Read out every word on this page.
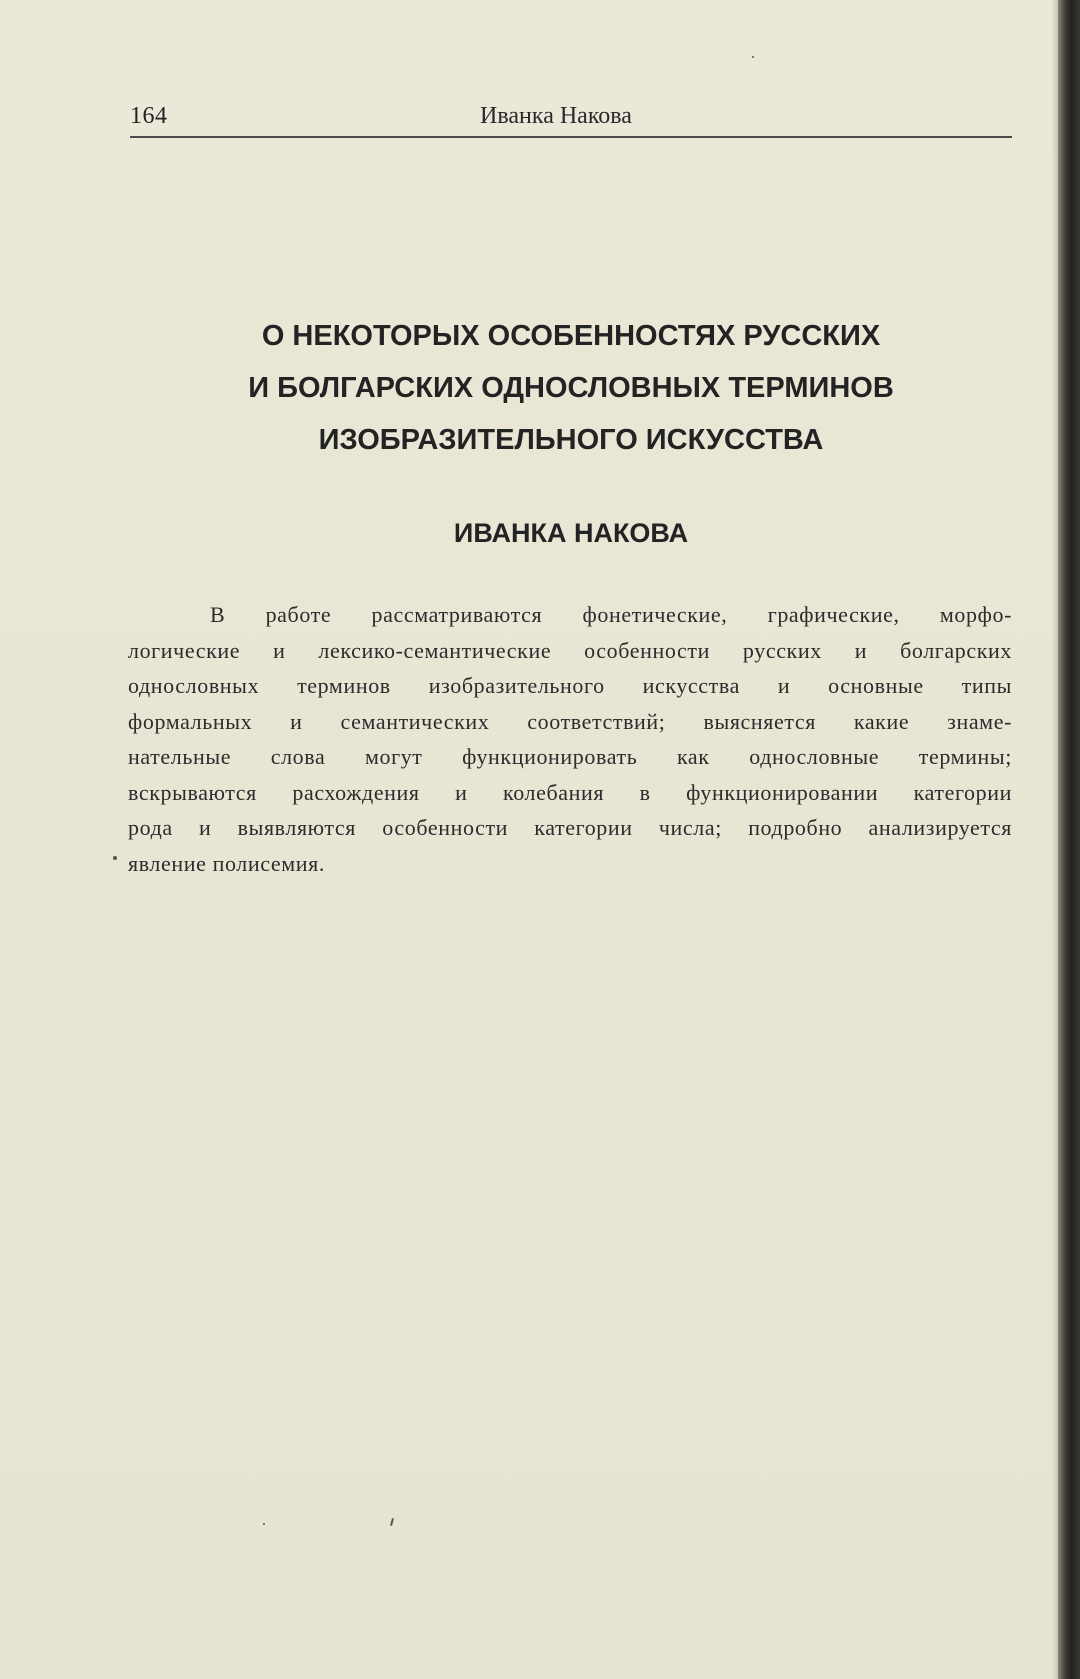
164	Иванка Накова
О НЕКОТОРЫХ ОСОБЕННОСТЯХ РУССКИХ
И БОЛГАРСКИХ ОДНОСЛОВНЫХ ТЕРМИНОВ
ИЗОБРАЗИТЕЛЬНОГО ИСКУССТВА
ИВАНКА НАКОВА
В работе рассматриваются фонетические, графические, морфо-
логические и лексико-семантические особенности русских и болгарских
однословных терминов изобразительного искусства и основные типы
формальных и семантических соответствий; выясняется какие знаме-
нательные слова могут функционировать как однословные термины;
вскрываются расхождения и колебания в функционировании категории
рода и выявляются особенности категории числа; подробно анализируется
явление полисемия.
